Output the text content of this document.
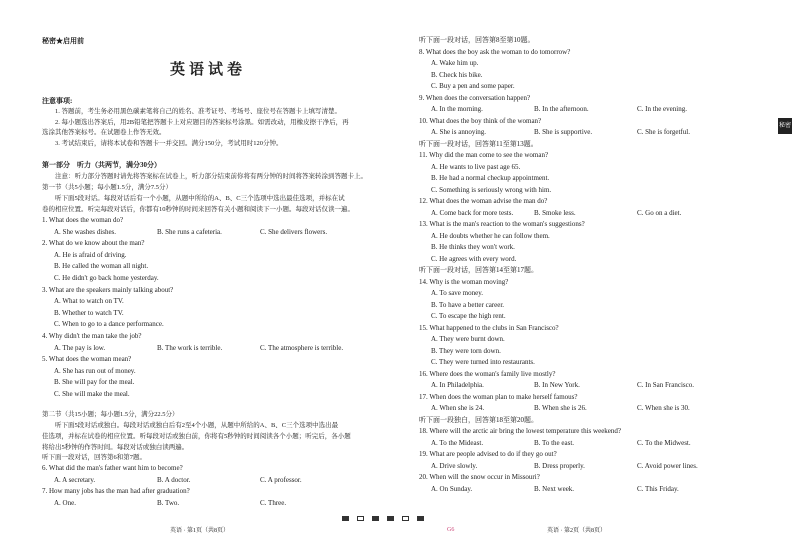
秘密★启用前
英语试卷
注意事项:
1. 答题前，考生务必用黑色碳素笔将自己的姓名、准考证号、考场号、座位号在答题卡上填写清楚。
2. 每小题选出答案后，用2B铅笔把答题卡上对应题目的答案标号涂黑。如需改动，用橡皮擦干净后，再
选涂其他答案标号。在试题卷上作答无效。
3. 考试结束后，请将本试卷和答题卡一并交回。满分150分，考试用时120分钟。
第一部分　听力（共两节，满分30分）
注意：听力部分答题时请先将答案标在试卷上，听力部分结束前你将有两分钟的时间将答案转涂到答题卡上。
第一节（共5小题；每小题1.5分，满分7.5分）
听下面5段对话。每段对话后有一个小题，从题中所给的A、B、C三个选项中选出最佳选项，并标在试
卷的相应位置。听完每段对话后，你都有10秒钟的时间来回答有关小题和阅读下一小题。每段对话仅读一遍。
1. What does the woman do?
A. She washes dishes.	B. She runs a cafeteria.	C. She delivers flowers.
2. What do we know about the man?
A. He is afraid of driving.
B. He called the woman all night.
C. He didn't go back home yesterday.
3. What are the speakers mainly talking about?
A. What to watch on TV.
B. Whether to watch TV.
C. When to go to a dance performance.
4. Why didn't the man take the job?
A. The pay is low.	B. The work is terrible.	C. The atmosphere is terrible.
5. What does the woman mean?
A. She has run out of money.
B. She will pay for the meal.
C. She will make the meal.
第二节（共15小题；每小题1.5分，满分22.5分）
听下面5段对话或独白。每段对话或独白后有2至4个小题，从题中所给的A、B、C三个选项中选出最
佳选项，并标在试卷的相应位置。听每段对话或独白前，你将有5秒钟的时间阅读各个小题；听完后，各小题
将给出5秒钟的作答时间。每段对话或独白读两遍。
听下面一段对话，回答第6和第7题。
6. What did the man's father want him to become?
A. A secretary.	B. A doctor.	C. A professor.
7. How many jobs has the man had after graduation?
A. One.	B. Two.	C. Three.
英语 · 第1页（共8页）
听下面一段对话，回答第8至第10题。
8. What does the boy ask the woman to do tomorrow?
A. Wake him up.
B. Check his bike.
C. Buy a pen and some paper.
9. When does the conversation happen?
A. In the morning.	B. In the afternoon.	C. In the evening.
10. What does the boy think of the woman?
A. She is annoying.	B. She is supportive.	C. She is forgetful.
听下面一段对话，回答第11至第13题。
11. Why did the man come to see the woman?
A. He wants to live past age 65.
B. He had a normal checkup appointment.
C. Something is seriously wrong with him.
12. What does the woman advise the man do?
A. Come back for more tests.	B. Smoke less.	C. Go on a diet.
13. What is the man's reaction to the woman's suggestions?
A. He doubts whether he can follow them.
B. He thinks they won't work.
C. He agrees with every word.
听下面一段对话，回答第14至第17题。
14. Why is the woman moving?
A. To save money.
B. To have a better career.
C. To escape the high rent.
15. What happened to the clubs in San Francisco?
A. They were burnt down.
B. They were torn down.
C. They were turned into restaurants.
16. Where does the woman's family live mostly?
A. In Philadelphia.	B. In New York.	C. In San Francisco.
17. When does the woman plan to make herself famous?
A. When she is 24.	B. When she is 26.	C. When she is 30.
听下面一段独白，回答第18至第20题。
18. Where will the arctic air bring the lowest temperature this weekend?
A. To the Mideast.	B. To the east.	C. To the Midwest.
19. What are people advised to do if they go out?
A. Drive slowly.	B. Dress properly.	C. Avoid power lines.
20. When will the snow occur in Missouri?
A. On Sunday.	B. Next week.	C. This Friday.
英语 · 第2页（共8页）
秘密
G6
